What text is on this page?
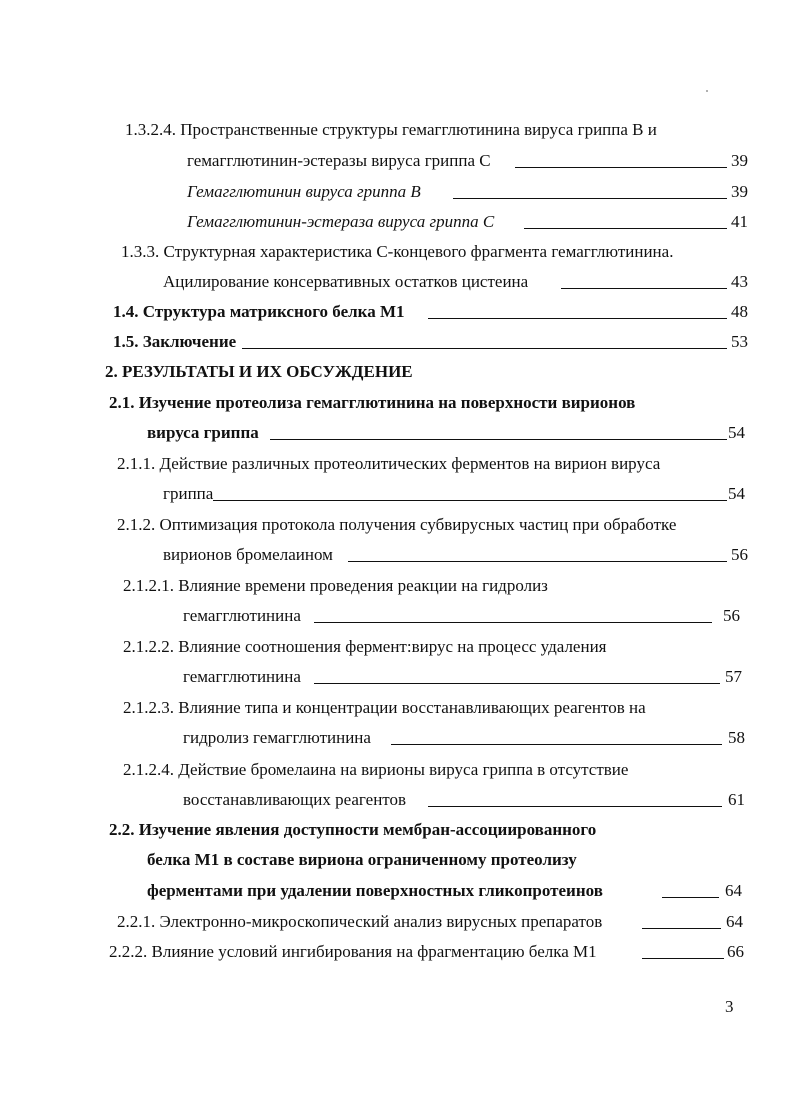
1.3.2.4. Пространственные структуры гемагглютинина вируса гриппа В и
гемагглютинин-эстеразы вируса гриппа С	39
Гемагглютинин вируса гриппа В	39
Гемагглютинин-эстераза вируса гриппа С	41
1.3.3. Структурная характеристика С-концевого фрагмента гемагглютинина.
Ацилирование консервативных остатков цистеина	43
1.4. Структура матриксного белка М1	48
1.5. Заключение	53
2. РЕЗУЛЬТАТЫ И ИХ ОБСУЖДЕНИЕ
2.1. Изучение протеолиза гемагглютинина на поверхности вирионов
вируса гриппа	54
2.1.1. Действие различных протеолитических ферментов на вирион вируса
гриппа	54
2.1.2. Оптимизация протокола получения субвирусных частиц при обработке
вирионов бромелаином	56
2.1.2.1. Влияние времени проведения реакции на гидролиз
гемагглютинина	56
2.1.2.2. Влияние соотношения фермент:вирус на процесс удаления
гемагглютинина	57
2.1.2.3. Влияние типа и концентрации восстанавливающих реагентов на
гидролиз гемагглютинина	58
2.1.2.4. Действие бромелаина на вирионы вируса гриппа в отсутствие
восстанавливающих реагентов	61
2.2. Изучение явления доступности мембран-ассоциированного
белка М1 в составе вириона ограниченному протеолизу
ферментами при удалении поверхностных гликопротеинов	64
2.2.1. Электронно-микроскопический анализ вирусных препаратов	64
2.2.2. Влияние условий ингибирования на фрагментацию белка М1	66
3
